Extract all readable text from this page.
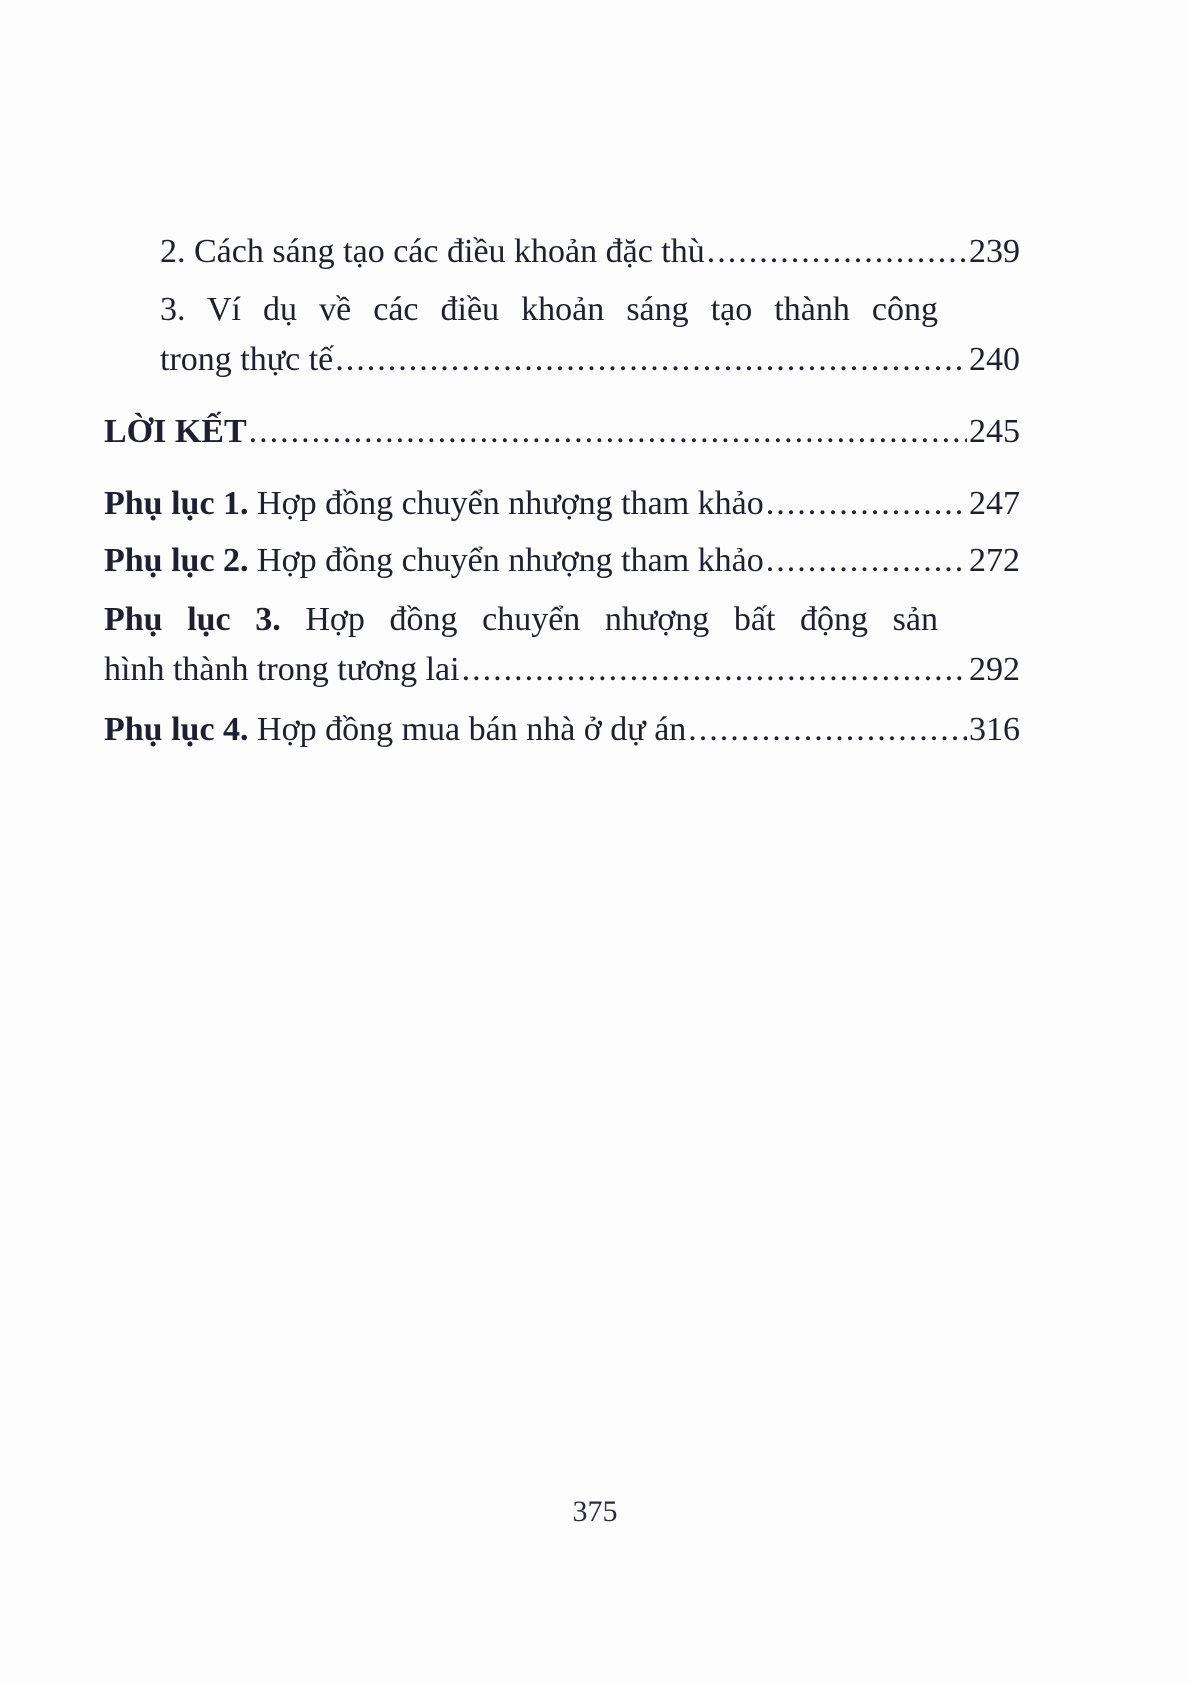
2. Cách sáng tạo các điều khoản đặc thù .....	239
3. Ví dụ về các điều khoản sáng tạo thành công
trong thực tế .....	240
LỜI KẾT .....	245
Phụ lục 1. Hợp đồng chuyển nhượng tham khảo .....	247
Phụ lục 2. Hợp đồng chuyển nhượng tham khảo .....	272
Phụ lục 3. Hợp đồng chuyển nhượng bất động sản
hình thành trong tương lai .....	292
Phụ lục 4. Hợp đồng mua bán nhà ở dự án .....	316
375
